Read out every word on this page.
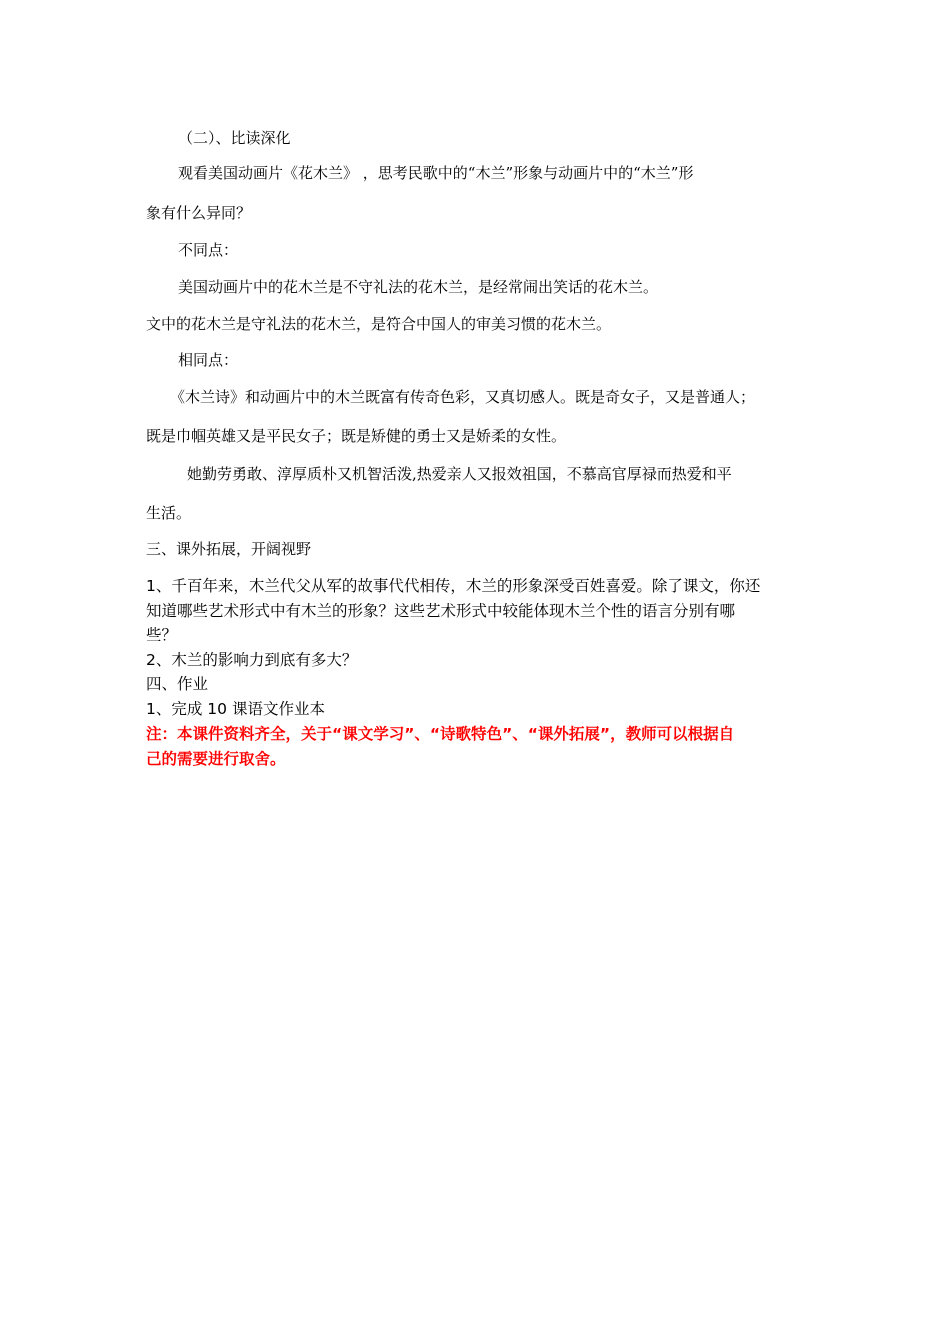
（二）、比读深化
观看美国动画片《花木兰》 ，思考民歌中的“木兰”形象与动画片中的“木兰”形
象有什么异同？
不同点：
美国动画片中的花木兰是不守礼法的花木兰，是经常闹出笑话的花木兰。
文中的花木兰是守礼法的花木兰，是符合中国人的审美习惯的花木兰。
相同点：
《木兰诗》和动画片中的木兰既富有传奇色彩，又真切感人。既是奇女子，又是普通人；
既是巾帼英雄又是平民女子；既是矫健的勇士又是娇柔的女性。
她勤劳勇敢、淳厚质朴又机智活泼,热爱亲人又报效祖国，不慕高官厚禄而热爱和平
生活。
三、课外拓展，开阔视野
1、千百年来，木兰代父从军的故事代代相传，木兰的形象深受百姓喜爱。除了课文，你还
知道哪些艺术形式中有木兰的形象？这些艺术形式中较能体现木兰个性的语言分别有哪
些？
2、木兰的影响力到底有多大？
四、作业
1、完成 10 课语文作业本
注：本课件资料齐全，关于“课文学习”、“诗歌特色”、“课外拓展”，教师可以根据自
己的需要进行取舍。
